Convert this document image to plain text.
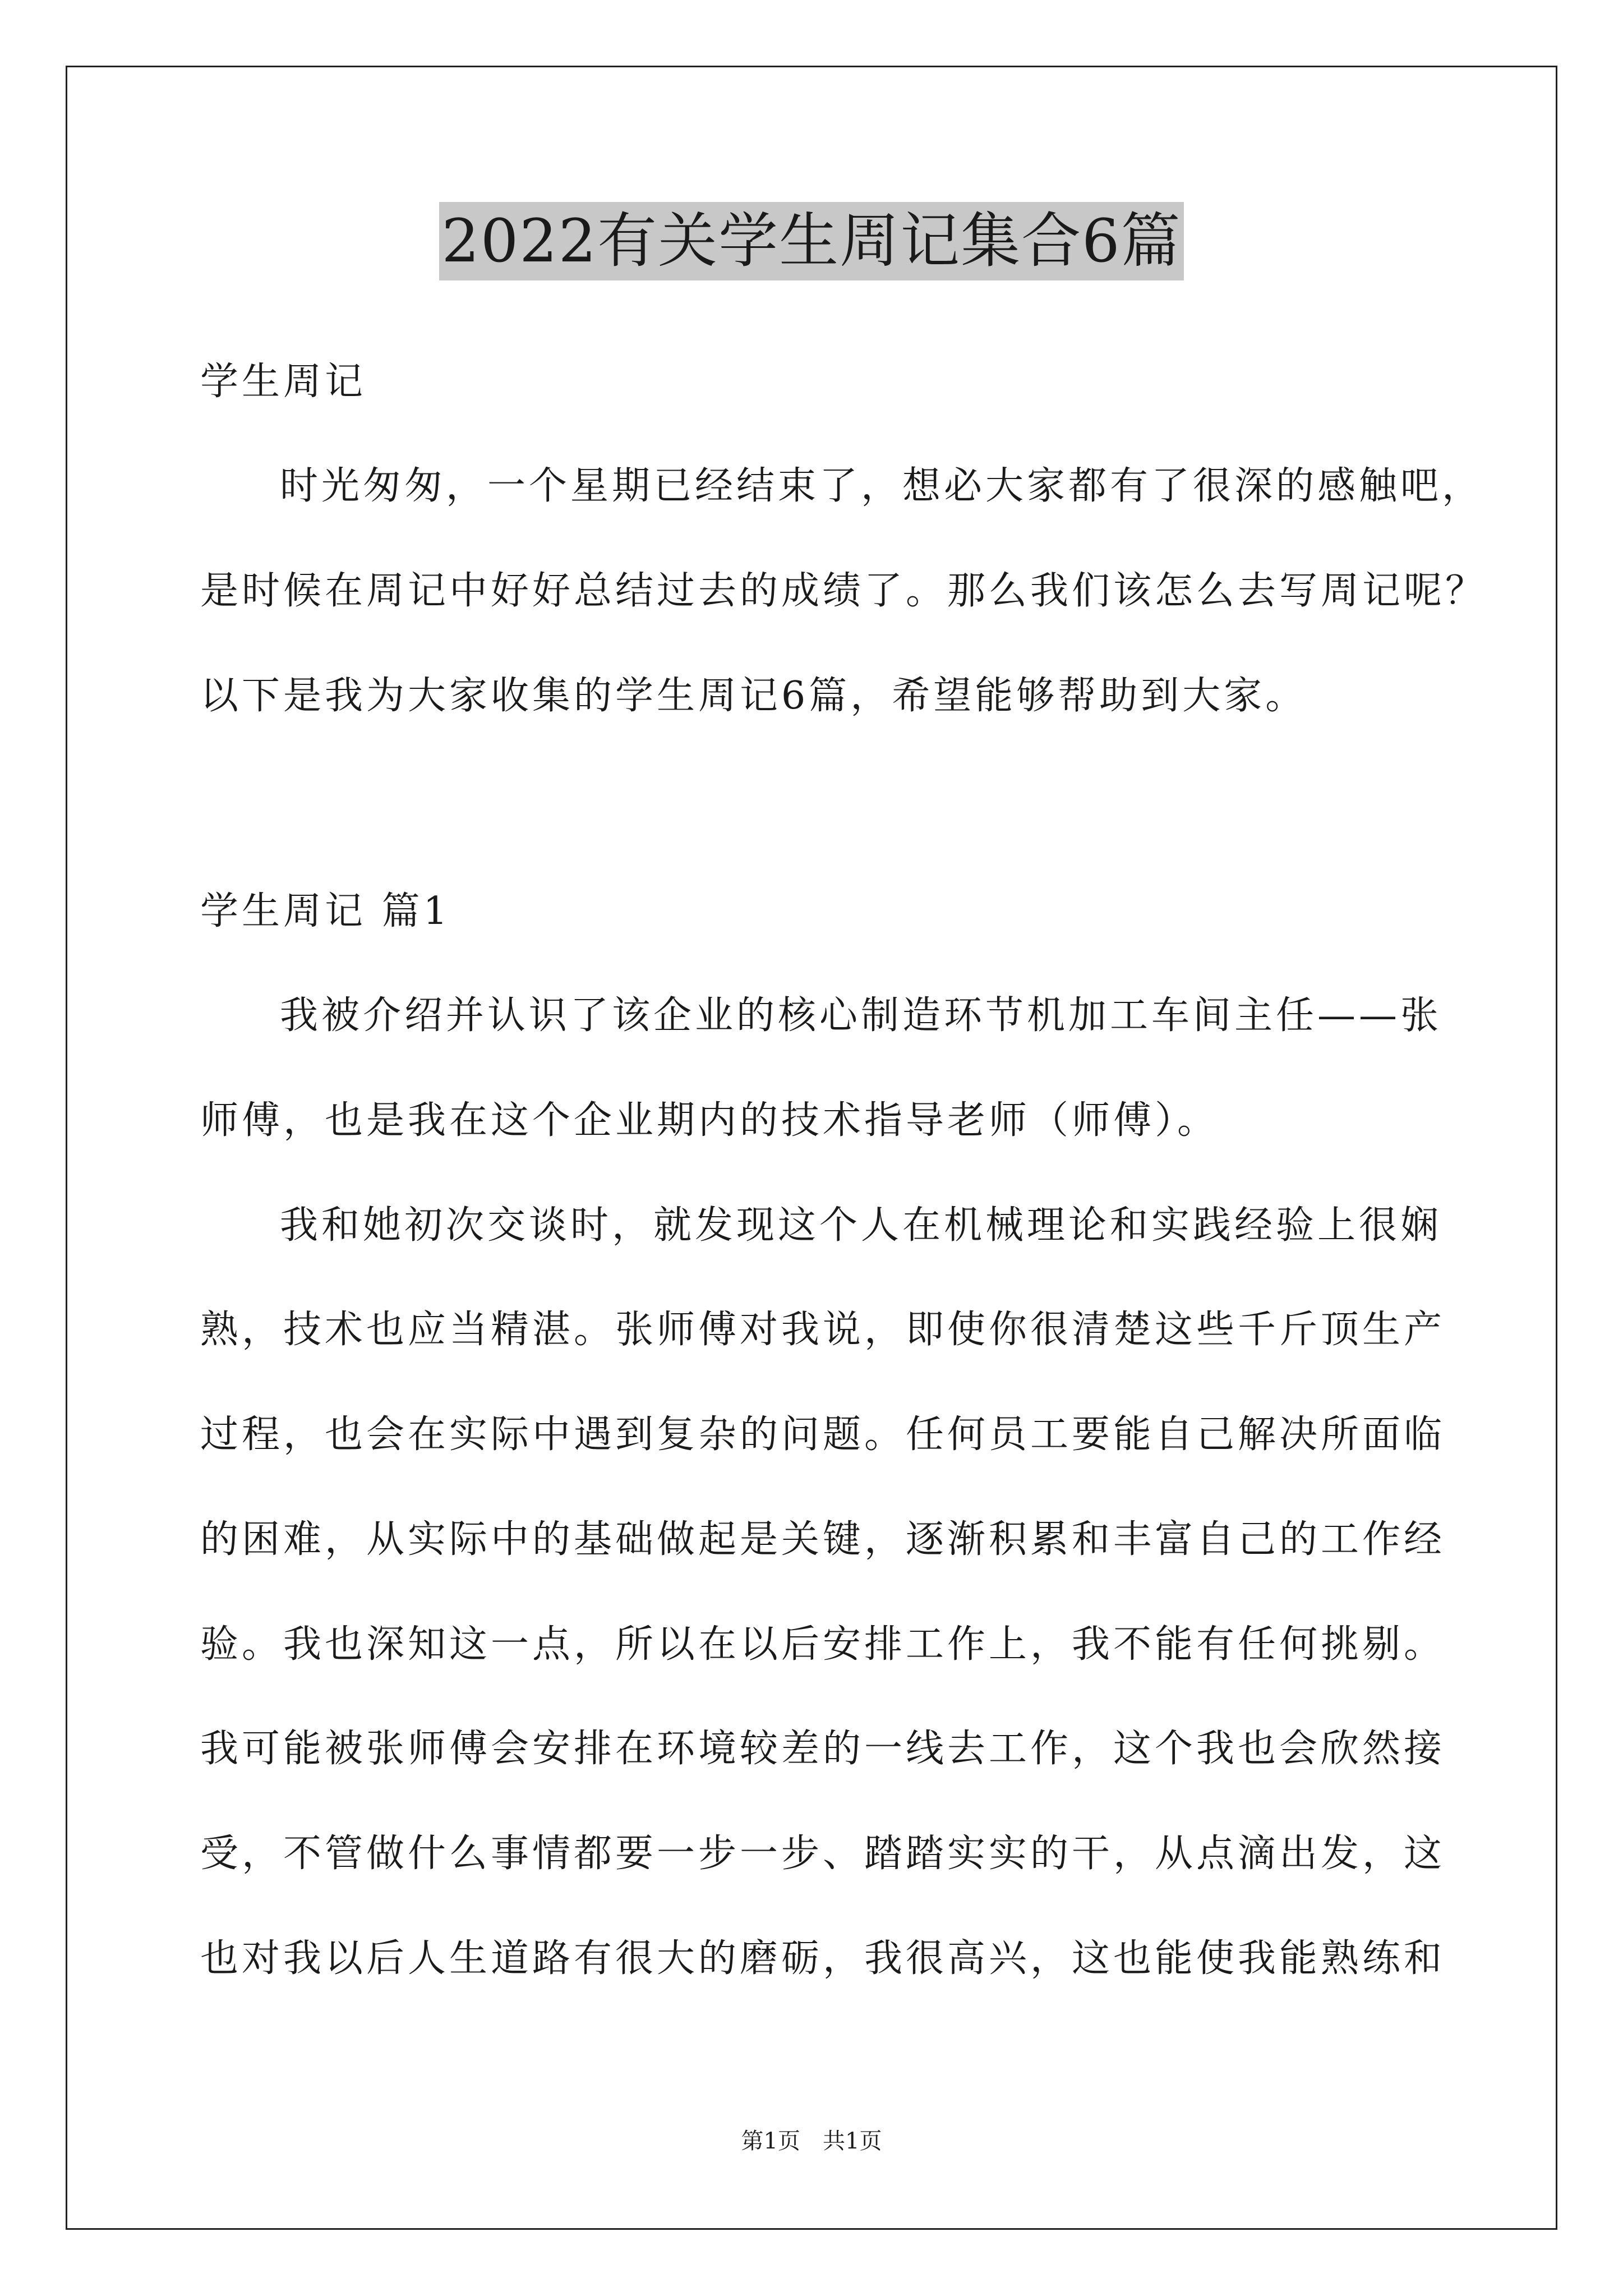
2022有关学生周记集合6篇
学生周记
时光匆匆，一个星期已经结束了，想必大家都有了很深的感触吧，
是时候在周记中好好总结过去的成绩了。那么我们该怎么去写周记呢？
以下是我为大家收集的学生周记6篇，希望能够帮助到大家。
学生周记 篇1
我被介绍并认识了该企业的核心制造环节机加工车间主任——张
师傅，也是我在这个企业期内的技术指导老师（师傅）。
我和她初次交谈时，就发现这个人在机械理论和实践经验上很娴
熟，技术也应当精湛。张师傅对我说，即使你很清楚这些千斤顶生产
过程，也会在实际中遇到复杂的问题。任何员工要能自己解决所面临
的困难，从实际中的基础做起是关键，逐渐积累和丰富自己的工作经
验。我也深知这一点，所以在以后安排工作上，我不能有任何挑剔。
我可能被张师傅会安排在环境较差的一线去工作，这个我也会欣然接
受，不管做什么事情都要一步一步、踏踏实实的干，从点滴出发，这
也对我以后人生道路有很大的磨砺，我很高兴，这也能使我能熟练和
第1页　共1页
